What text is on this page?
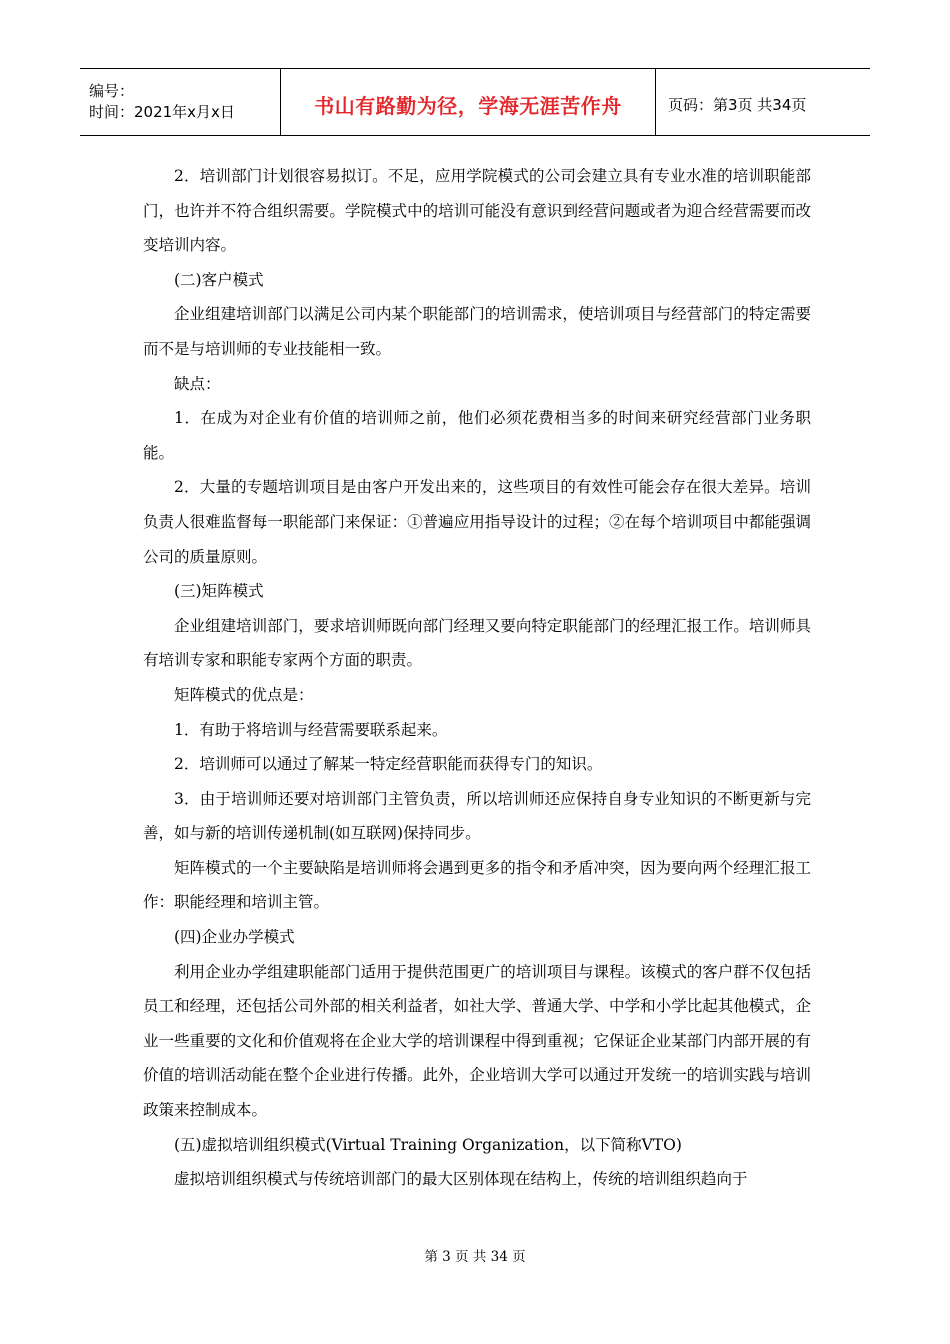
编号：
时间：2021年x月x日	书山有路勤为径，学海无涯苦作舟	页码：第3页 共34页

2．培训部门计划很容易拟订。不足，应用学院模式的公司会建立具有专业水准的培训职能部门，也许并不符合组织需要。学院模式中的培训可能没有意识到经营问题或者为迎合经营需要而改变培训内容。

(二)客户模式

企业组建培训部门以满足公司内某个职能部门的培训需求，使培训项目与经营部门的特定需要而不是与培训师的专业技能相一致。

缺点：

1．在成为对企业有价值的培训师之前，他们必须花费相当多的时间来研究经营部门业务职能。

2．大量的专题培训项目是由客户开发出来的，这些项目的有效性可能会存在很大差异。培训负责人很难监督每一职能部门来保证：①普遍应用指导设计的过程；②在每个培训项目中都能强调公司的质量原则。

(三)矩阵模式

企业组建培训部门，要求培训师既向部门经理又要向特定职能部门的经理汇报工作。培训师具有培训专家和职能专家两个方面的职责。

矩阵模式的优点是：

1．有助于将培训与经营需要联系起来。

2．培训师可以通过了解某一特定经营职能而获得专门的知识。

3．由于培训师还要对培训部门主管负责，所以培训师还应保持自身专业知识的不断更新与完善，如与新的培训传递机制(如互联网)保持同步。

矩阵模式的一个主要缺陷是培训师将会遇到更多的指令和矛盾冲突，因为要向两个经理汇报工作：职能经理和培训主管。

(四)企业办学模式

利用企业办学组建职能部门适用于提供范围更广的培训项目与课程。该模式的客户群不仅包括员工和经理，还包括公司外部的相关利益者，如社大学、普通大学、中学和小学比起其他模式，企业一些重要的文化和价值观将在企业大学的培训课程中得到重视；它保证企业某部门内部开展的有价值的培训活动能在整个企业进行传播。此外，企业培训大学可以通过开发统一的培训实践与培训政策来控制成本。

(五)虚拟培训组织模式(Virtual Training Organization，以下简称VTO)

虚拟培训组织模式与传统培训部门的最大区别体现在结构上，传统的培训组织趋向于

第 3 页 共 34 页
